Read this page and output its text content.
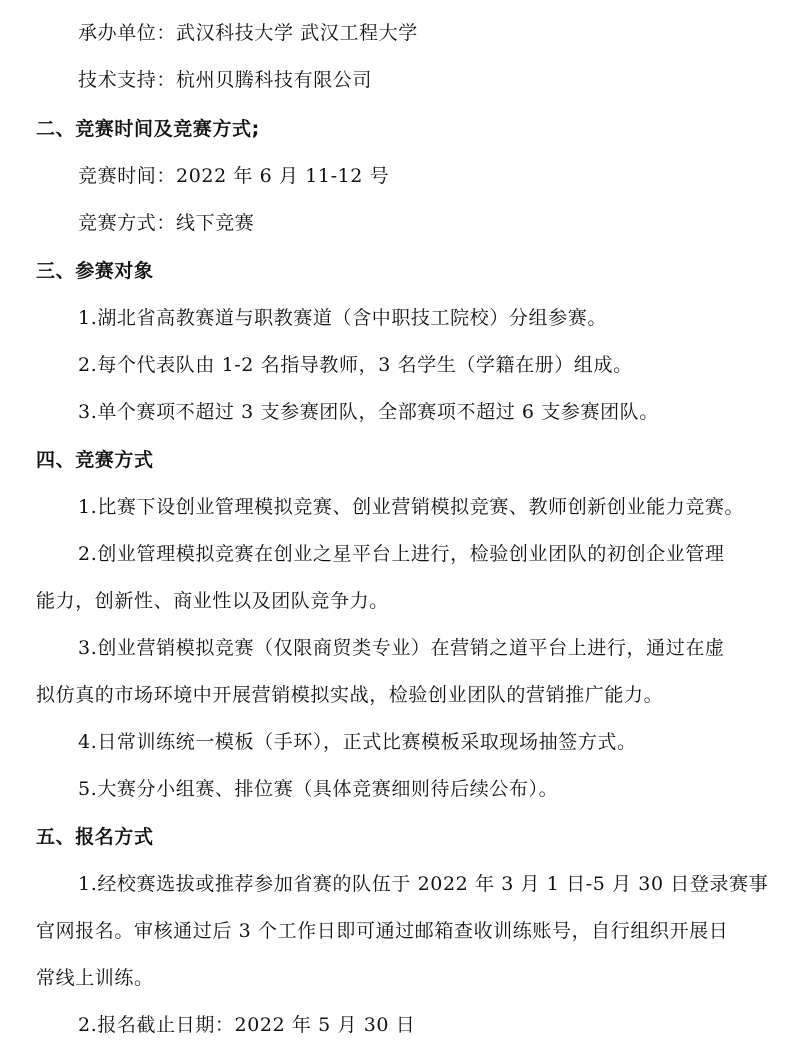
承办单位：武汉科技大学 武汉工程大学
技术支持：杭州贝腾科技有限公司
二、竞赛时间及竞赛方式;
竞赛时间：2022 年 6 月 11-12 号
竞赛方式：线下竞赛
三、参赛对象
1.湖北省高教赛道与职教赛道（含中职技工院校）分组参赛。
2.每个代表队由 1-2 名指导教师，3 名学生（学籍在册）组成。
3.单个赛项不超过 3 支参赛团队，全部赛项不超过 6 支参赛团队。
四、竞赛方式
1.比赛下设创业管理模拟竞赛、创业营销模拟竞赛、教师创新创业能力竞赛。
2.创业管理模拟竞赛在创业之星平台上进行，检验创业团队的初创企业管理
能力，创新性、商业性以及团队竞争力。
3.创业营销模拟竞赛（仅限商贸类专业）在营销之道平台上进行，通过在虚
拟仿真的市场环境中开展营销模拟实战，检验创业团队的营销推广能力。
4.日常训练统一模板（手环），正式比赛模板采取现场抽签方式。
5.大赛分小组赛、排位赛（具体竞赛细则待后续公布）。
五、报名方式
1.经校赛选拔或推荐参加省赛的队伍于 2022 年 3 月 1 日-5 月 30 日登录赛事
官网报名。审核通过后 3 个工作日即可通过邮箱查收训练账号，自行组织开展日
常线上训练。
2.报名截止日期：2022 年 5 月 30 日
